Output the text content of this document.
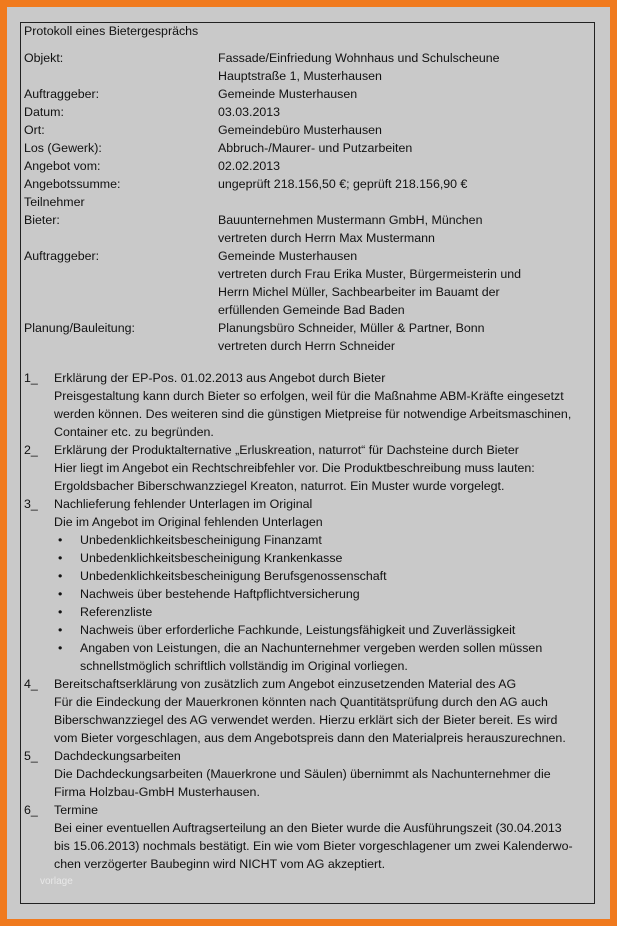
Protokoll eines Bietergesprächs
Objekt:	Fassade/Einfriedung Wohnhaus und Schulscheune
Hauptstraße 1, Musterhausen
Auftraggeber:	Gemeinde Musterhausen
Datum:	03.03.2013
Ort:	Gemeindebüro Musterhausen
Los (Gewerk):	Abbruch-/Maurer- und Putzarbeiten
Angebot vom:	02.02.2013
Angebotssumme:	ungeprüft 218.156,50 €; geprüft 218.156,90 €
Teilnehmer
Bieter:	Bauunternehmen Mustermann GmbH, München
vertreten durch Herrn Max Mustermann
Auftraggeber:	Gemeinde Musterhausen
vertreten durch Frau Erika Muster, Bürgermeisterin und
Herrn Michel Müller, Sachbearbeiter im Bauamt der
erfüllenden Gemeinde Bad Baden
Planung/Bauleitung:	Planungsbüro Schneider, Müller & Partner, Bonn
vertreten durch Herrn Schneider
1_	Erklärung der EP-Pos. 01.02.2013 aus Angebot durch Bieter
Preisgestaltung kann durch Bieter so erfolgen, weil für die Maßnahme ABM-Kräfte eingesetzt
werden können. Des weiteren sind die günstigen Mietpreise für notwendige Arbeitsmaschinen,
Container etc. zu begründen.
2_	Erklärung der Produktalternative „Erluskreation, naturrot“ für Dachsteine durch Bieter
Hier liegt im Angebot ein Rechtschreibfehler vor. Die Produktbeschreibung muss lauten:
Ergoldsbacher Biberschwanzziegel Kreaton, naturrot. Ein Muster wurde vorgelegt.
3_	Nachlieferung fehlender Unterlagen im Original
Die im Angebot im Original fehlenden Unterlagen
•	Unbedenklichkeitsbescheinigung Finanzamt
•	Unbedenklichkeitsbescheinigung Krankenkasse
•	Unbedenklichkeitsbescheinigung Berufsgenossenschaft
•	Nachweis über bestehende Haftpflichtversicherung
•	Referenzliste
•	Nachweis über erforderliche Fachkunde, Leistungsfähigkeit und Zuverlässigkeit
•	Angaben von Leistungen, die an Nachunternehmer vergeben werden sollen müssen
schnellstmöglich schriftlich vollständig im Original vorliegen.
4_	Bereitschaftserklärung von zusätzlich zum Angebot einzusetzenden Material des AG
Für die Eindeckung der Mauerkronen könnten nach Quantitätsprüfung durch den AG auch
Biberschwanzziegel des AG verwendet werden. Hierzu erklärt sich der Bieter bereit. Es wird
vom Bieter vorgeschlagen, aus dem Angebotspreis dann den Materialpreis herauszurechnen.
5_	Dachdeckungsarbeiten
Die Dachdeckungsarbeiten (Mauerkrone und Säulen) übernimmt als Nachunternehmer die
Firma Holzbau-GmbH Musterhausen.
6_	Termine
Bei einer eventuellen Auftragserteilung an den Bieter wurde die Ausführungszeit (30.04.2013
bis 15.06.2013) nochmals bestätigt. Ein wie vom Bieter vorgeschlagener um zwei Kalenderwo-
chen verzögerter Baubeginn wird NICHT vom AG akzeptiert.
vorlage
